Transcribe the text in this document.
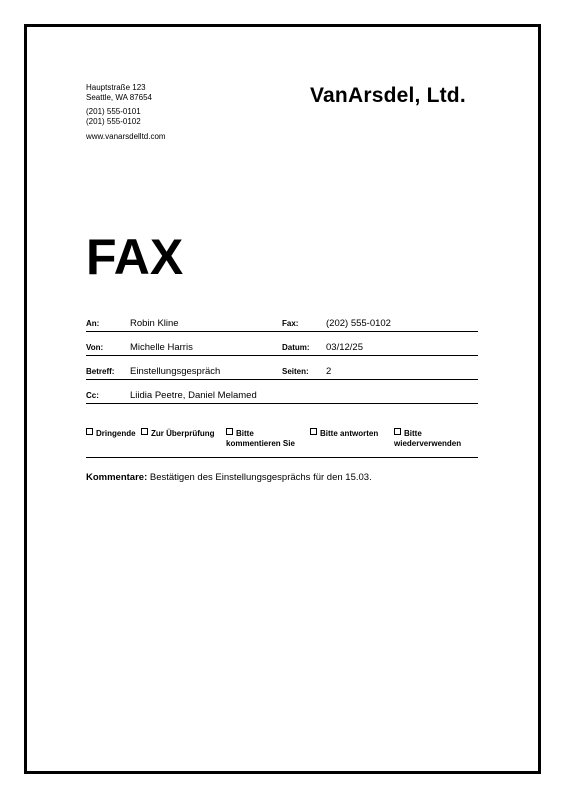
Hauptstraße 123
Seattle, WA 87654
(201) 555-0101
(201) 555-0102
www.vanarsdelltd.com
VanArsdel, Ltd.
FAX
An:	Robin Kline	Fax:	(202) 555-0102
Von:	Michelle Harris	Datum: 03/12/25
Betreff: Einstellungsgespräch	Seiten: 2
Cc:	Liidia Peetre, Daniel Melamed
Dringende	Zur Überprüfung	Bitte
kommentieren Sie
Bitte antworten	Bitte
wiederverwenden
Kommentare: Bestätigen des Einstellungsgesprächs für den 15.03.
